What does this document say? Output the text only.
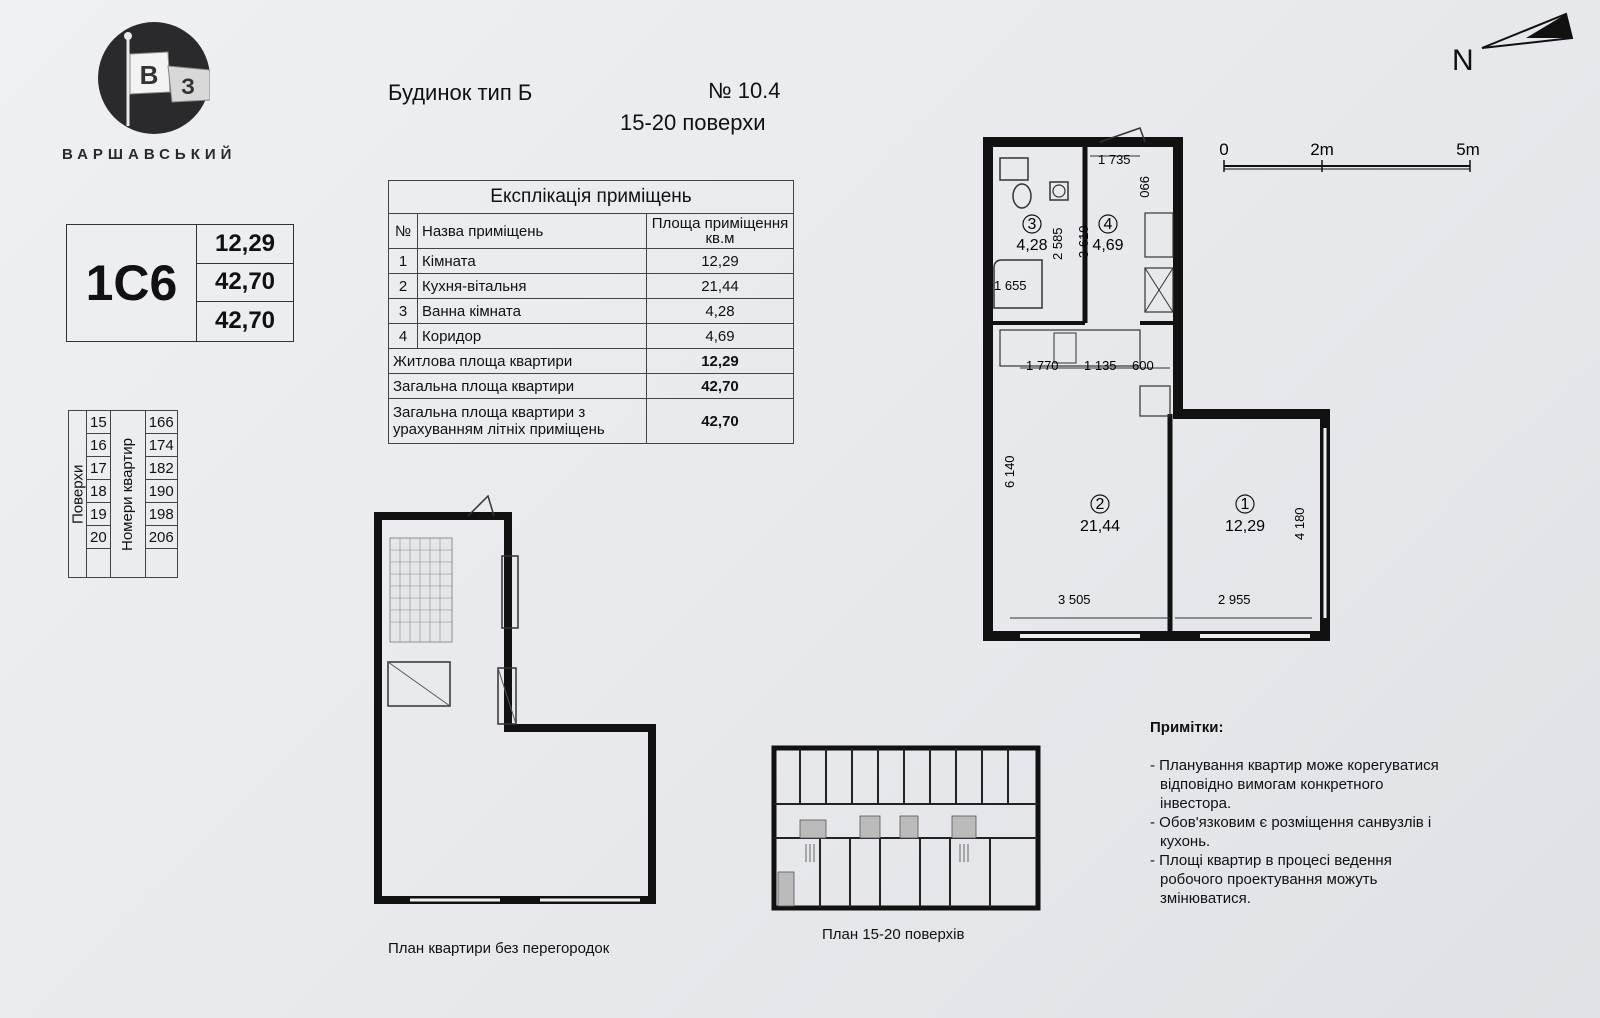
В З
ВАРШАВСЬКИЙ
Будинок тип Б	№ 10.4
15-20 поверхи
1С6
12,29
42,70
42,70
Поверхи	15	Номери квартир	166
	16		174
	17		182
	18		190
	19		198
	20		206

Експлікація приміщень		
№	Назва приміщень	Площа приміщення кв.м
1	Кімната	12,29
2	Кухня-вітальня	21,44
3	Ванна кімната	4,28
4	Коридор	4,69
Житлова площа квартири		12,29
Загальна площа квартири		42,70
Загальна площа квартири з урахуванням літніх приміщень		42,70
N
0	2m	5m
3
4,28
4
4,69
2
21,44
1
12,29
1 735
990
3 610
2 585
1 655
1 770 1 135 600
6 140
4 180
3 505	2 955
План квартири без перегородок
План 15-20 поверхів

Примітки:

- Планування квартир може корегуватися відповідно вимогам конкретного інвестора.

- Обов'язковим є розміщення санвузлів і кухонь.

- Площі квартир в процесі ведення робочого проектування можуть змінюватися.
